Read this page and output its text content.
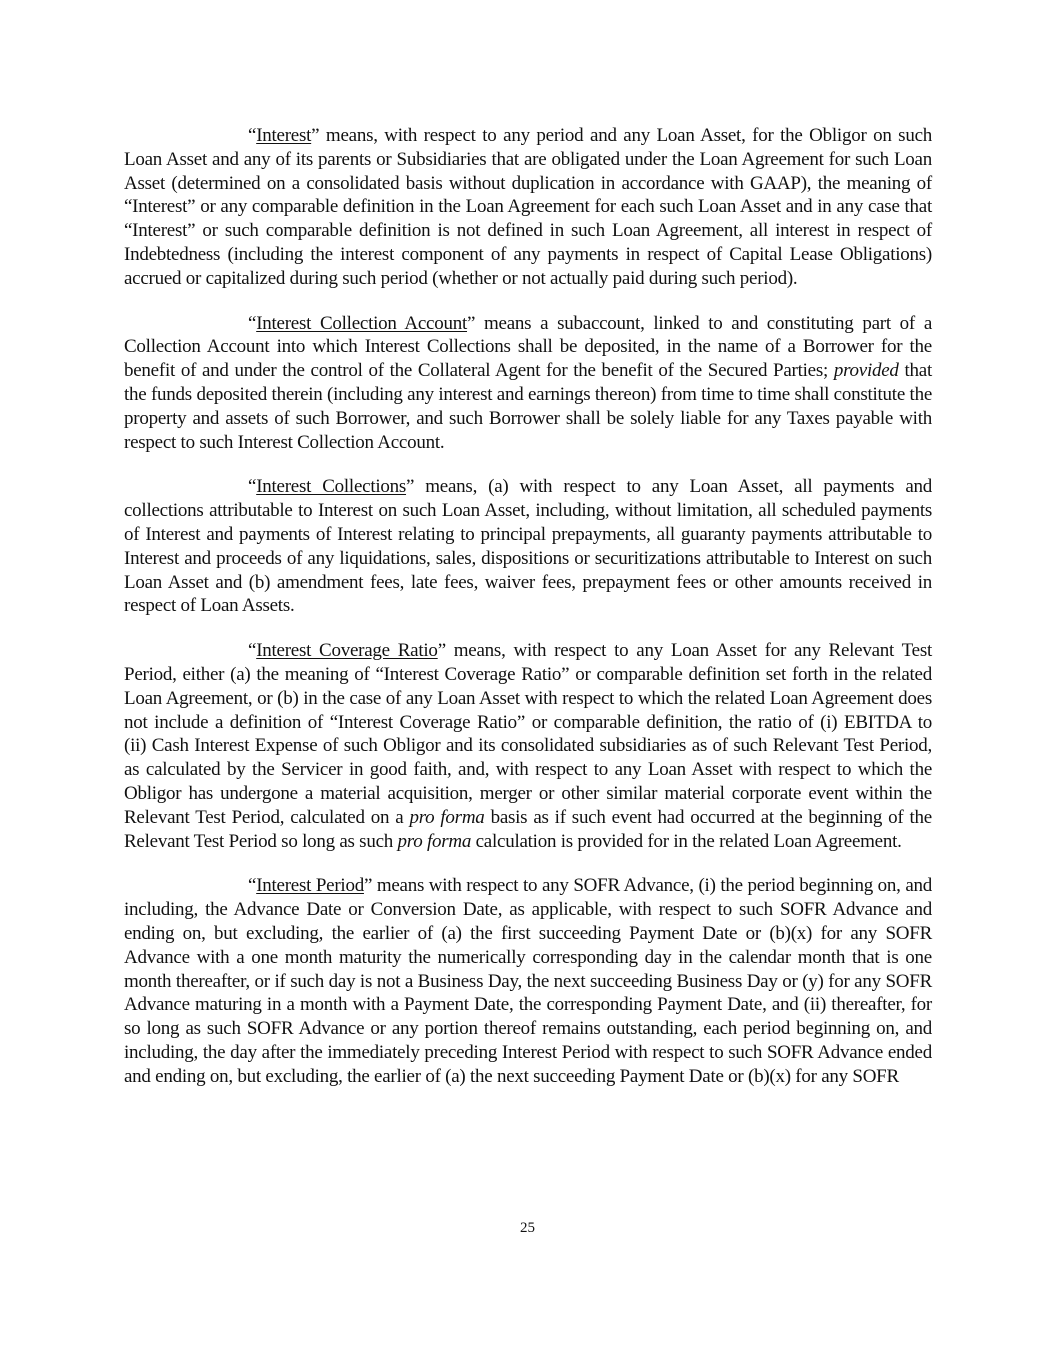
“Interest” means, with respect to any period and any Loan Asset, for the Obligor on such Loan Asset and any of its parents or Subsidiaries that are obligated under the Loan Agreement for such Loan Asset (determined on a consolidated basis without duplication in accordance with GAAP), the meaning of “Interest” or any comparable definition in the Loan Agreement for each such Loan Asset and in any case that “Interest” or such comparable definition is not defined in such Loan Agreement, all interest in respect of Indebtedness (including the interest component of any payments in respect of Capital Lease Obligations) accrued or capitalized during such period (whether or not actually paid during such period).

“Interest Collection Account” means a subaccount, linked to and constituting part of a Collection Account into which Interest Collections shall be deposited, in the name of a Borrower for the benefit of and under the control of the Collateral Agent for the benefit of the Secured Parties; provided that the funds deposited therein (including any interest and earnings thereon) from time to time shall constitute the property and assets of such Borrower, and such Borrower shall be solely liable for any Taxes payable with respect to such Interest Collection Account.

“Interest Collections” means, (a) with respect to any Loan Asset, all payments and collections attributable to Interest on such Loan Asset, including, without limitation, all scheduled payments of Interest and payments of Interest relating to principal prepayments, all guaranty payments attributable to Interest and proceeds of any liquidations, sales, dispositions or securitizations attributable to Interest on such Loan Asset and (b) amendment fees, late fees, waiver fees, prepayment fees or other amounts received in respect of Loan Assets.

“Interest Coverage Ratio” means, with respect to any Loan Asset for any Relevant Test Period, either (a) the meaning of “Interest Coverage Ratio” or comparable definition set forth in the related Loan Agreement, or (b) in the case of any Loan Asset with respect to which the related Loan Agreement does not include a definition of “Interest Coverage Ratio” or comparable definition, the ratio of (i) EBITDA to (ii) Cash Interest Expense of such Obligor and its consolidated subsidiaries as of such Relevant Test Period, as calculated by the Servicer in good faith, and, with respect to any Loan Asset with respect to which the Obligor has undergone a material acquisition, merger or other similar material corporate event within the Relevant Test Period, calculated on a pro forma basis as if such event had occurred at the beginning of the Relevant Test Period so long as such pro forma calculation is provided for in the related Loan Agreement.

“Interest Period” means with respect to any SOFR Advance, (i) the period beginning on, and including, the Advance Date or Conversion Date, as applicable, with respect to such SOFR Advance and ending on, but excluding, the earlier of (a) the first succeeding Payment Date or (b)(x) for any SOFR Advance with a one month maturity the numerically corresponding day in the calendar month that is one month thereafter, or if such day is not a Business Day, the next succeeding Business Day or (y) for any SOFR Advance maturing in a month with a Payment Date, the corresponding Payment Date, and (ii) thereafter, for so long as such SOFR Advance or any portion thereof remains outstanding, each period beginning on, and including, the day after the immediately preceding Interest Period with respect to such SOFR Advance ended and ending on, but excluding, the earlier of (a) the next succeeding Payment Date or (b)(x) for any SOFR

25
